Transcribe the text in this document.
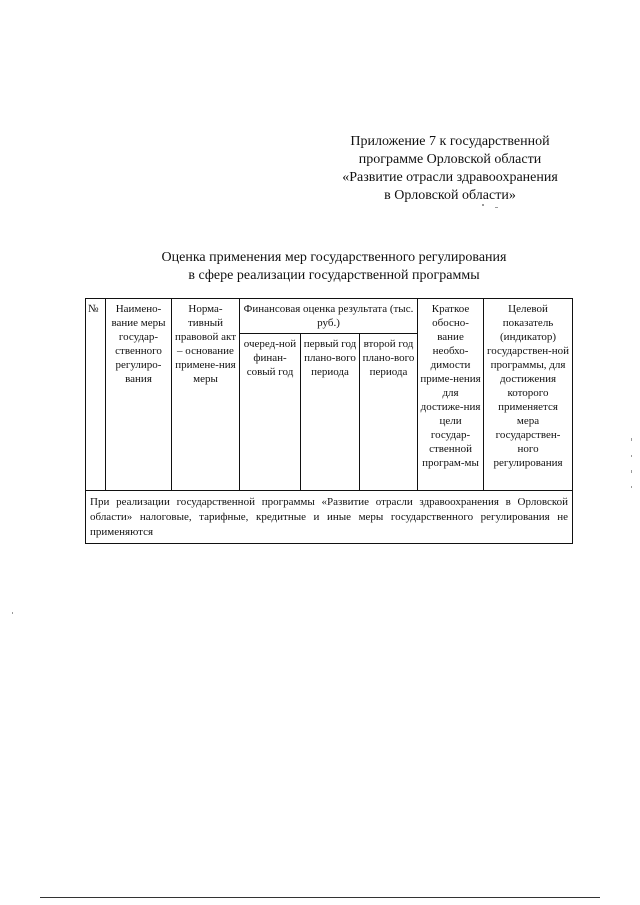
Приложение 7 к государственной
программе Орловской области
«Развитие отрасли здравоохранения
в Орловской области»
Оценка применения мер государственного регулирования
в сфере реализации государственной программы
№	Наимено-вание меры государ-ственного регулиро-вания	Норма-тивный правовой акт – основание примене-ния меры	Финансовая оценка результата (тыс. руб.)			Краткое обосно-вание необхо-димости приме-нения для достиже-ния цели государ-ственной програм-мы	Целевой показатель (индикатор) государствен-ной программы, для достижения которого применяется мера государствен-ного регулирования
			очеред-ной финан-совый год	первый год плано-вого периода	второй год плано-вого периода		
При реализации государственной программы «Развитие отрасли здравоохранения в Орловской области» налоговые, тарифные, кредитные и иные меры государственного регулирования не применяются							
